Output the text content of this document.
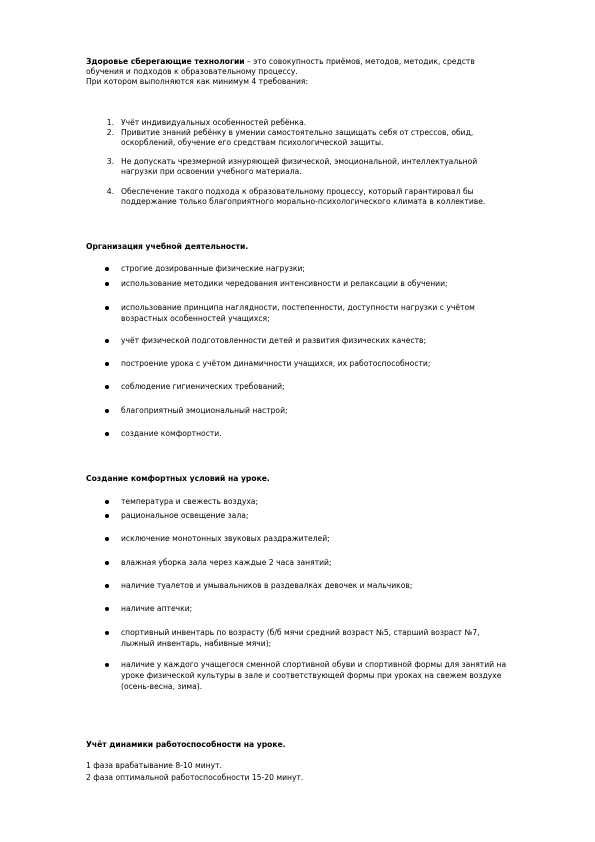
Здоровье сберегающие технологии – это совокупность приёмов, методов, методик, средств
обучения и подходов к образовательному процессу.
При котором выполняются как минимум 4 требования:
1. Учёт индивидуальных особенностей ребёнка.
2. Привитие знаний ребёнку в умении самостоятельно защищать себя от стрессов, обид,
оскорблений, обучение его средствам психологической защиты.
3. Не допускать чрезмерной изнуряющей физической, эмоциональной, интеллектуальной
нагрузки при освоении учебного материала.
4. Обеспечение такого подхода к образовательному процессу, который гарантировал бы
поддержание только благоприятного морально-психологического климата в коллективе.
Организация учебной деятельности.
строгие дозированные физические нагрузки;
использование методики чередования интенсивности и релаксации в обучении;
использование принципа наглядности, постепенности, доступности нагрузки с учётом
возрастных особенностей учащихся;
учёт физической подготовленности детей и развития физических качеств;
построение урока с учётом динамичности учащихся, их работоспособности;
соблюдение гигиенических требований;
благоприятный эмоциональный настрой;
создание комфортности.
Создание комфортных условий на уроке.
температура и свежесть воздуха;
рациональное освещение зала;
исключение монотонных звуковых раздражителей;
влажная уборка зала через каждые 2 часа занятий;
наличие туалетов и умывальников в раздевалках девочек и мальчиков;
наличие аптечки;
спортивный инвентарь по возрасту (б/б мячи средний возраст №5, старший возраст №7,
лыжный инвентарь, набивные мячи);
наличие у каждого учащегося сменной спортивной обуви и спортивной формы для занятий на
уроке физической культуры в зале и соответствующей формы при уроках на свежем воздухе
(осень-весна, зима).
Учёт динамики работоспособности на уроке.
1 фаза врабатывание 8-10 минут.
2 фаза оптимальной работоспособности 15-20 минут.
